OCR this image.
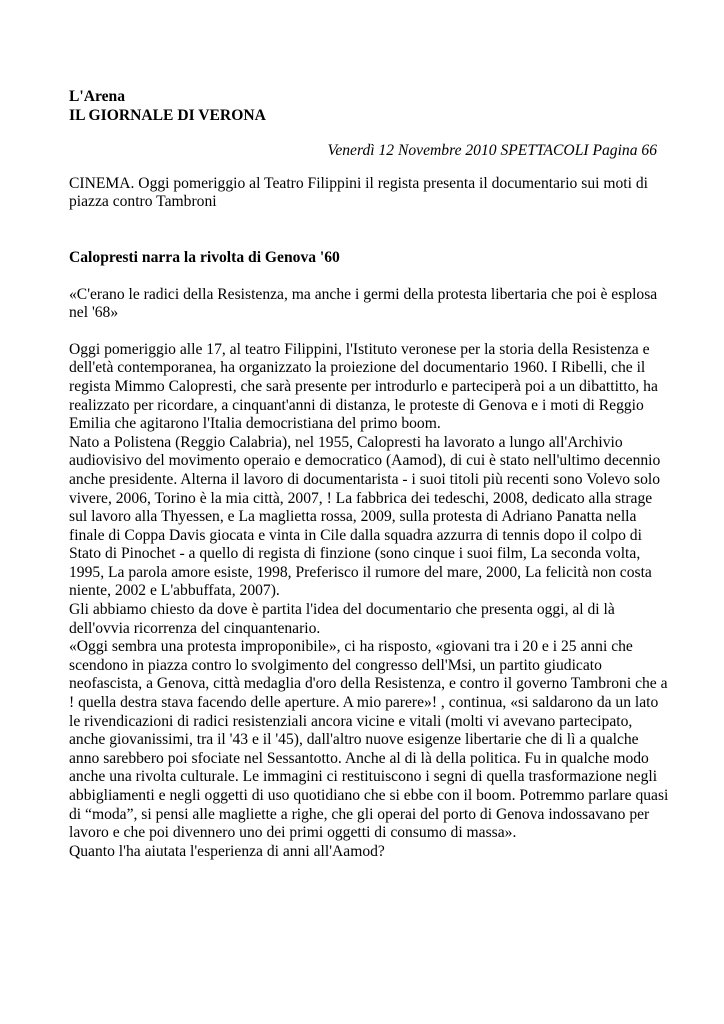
L'Arena
IL GIORNALE DI VERONA
Venerdì 12 Novembre 2010 SPETTACOLI Pagina 66
CINEMA. Oggi pomeriggio al Teatro Filippini il regista presenta il documentario sui moti di piazza contro Tambroni
Calopresti narra la rivolta di Genova '60
«C'erano le radici della Resistenza, ma anche i germi della protesta libertaria che poi è esplosa nel '68»

Oggi pomeriggio alle 17, al teatro Filippini, l'Istituto veronese per la storia della Resistenza e dell'età contemporanea, ha organizzato la proiezione del documentario 1960. I Ribelli, che il regista Mimmo Calopresti, che sarà presente per introdurlo e parteciperà poi a un dibattitto, ha realizzato per ricordare, a cinquant'anni di distanza, le proteste di Genova e i moti di Reggio Emilia che agitarono l'Italia democristiana del primo boom.

Nato a Polistena (Reggio Calabria), nel 1955, Calopresti ha lavorato a lungo all'Archivio audiovisivo del movimento operaio e democratico (Aamod), di cui è stato nell'ultimo decennio anche presidente. Alterna il lavoro di documentarista - i suoi titoli più recenti sono Volevo solo vivere, 2006, Torino è la mia città, 2007, ! La fabbrica dei tedeschi, 2008, dedicato alla strage sul lavoro alla Thyessen, e La maglietta rossa, 2009, sulla protesta di Adriano Panatta nella finale di Coppa Davis giocata e vinta in Cile dalla squadra azzurra di tennis dopo il colpo di Stato di Pinochet - a quello di regista di finzione (sono cinque i suoi film, La seconda volta, 1995, La parola amore esiste, 1998, Preferisco il rumore del mare, 2000, La felicità non costa niente, 2002 e L'abbuffata, 2007).

Gli abbiamo chiesto da dove è partita l'idea del documentario che presenta oggi, al di là dell'ovvia ricorrenza del cinquantenario.

«Oggi sembra una protesta improponibile», ci ha risposto, «giovani tra i 20 e i 25 anni che scendono in piazza contro lo svolgimento del congresso dell'Msi, un partito giudicato neofascista, a Genova, città medaglia d'oro della Resistenza, e contro il governo Tambroni che a ! quella destra stava facendo delle aperture. A mio parere»! , continua, «si saldarono da un lato le rivendicazioni di radici resistenziali ancora vicine e vitali (molti vi avevano partecipato, anche giovanissimi, tra il '43 e il '45), dall'altro nuove esigenze libertarie che di lì a qualche anno sarebbero poi sfociate nel Sessantotto. Anche al di là della politica. Fu in qualche modo anche una rivolta culturale. Le immagini ci restituiscono i segni di quella trasformazione negli abbigliamenti e negli oggetti di uso quotidiano che si ebbe con il boom. Potremmo parlare quasi di “moda”, si pensi alle magliette a righe, che gli operai del porto di Genova indossavano per lavoro e che poi divennero uno dei primi oggetti di consumo di massa».

Quanto l'ha aiutata l'esperienza di anni all'Aamod?
